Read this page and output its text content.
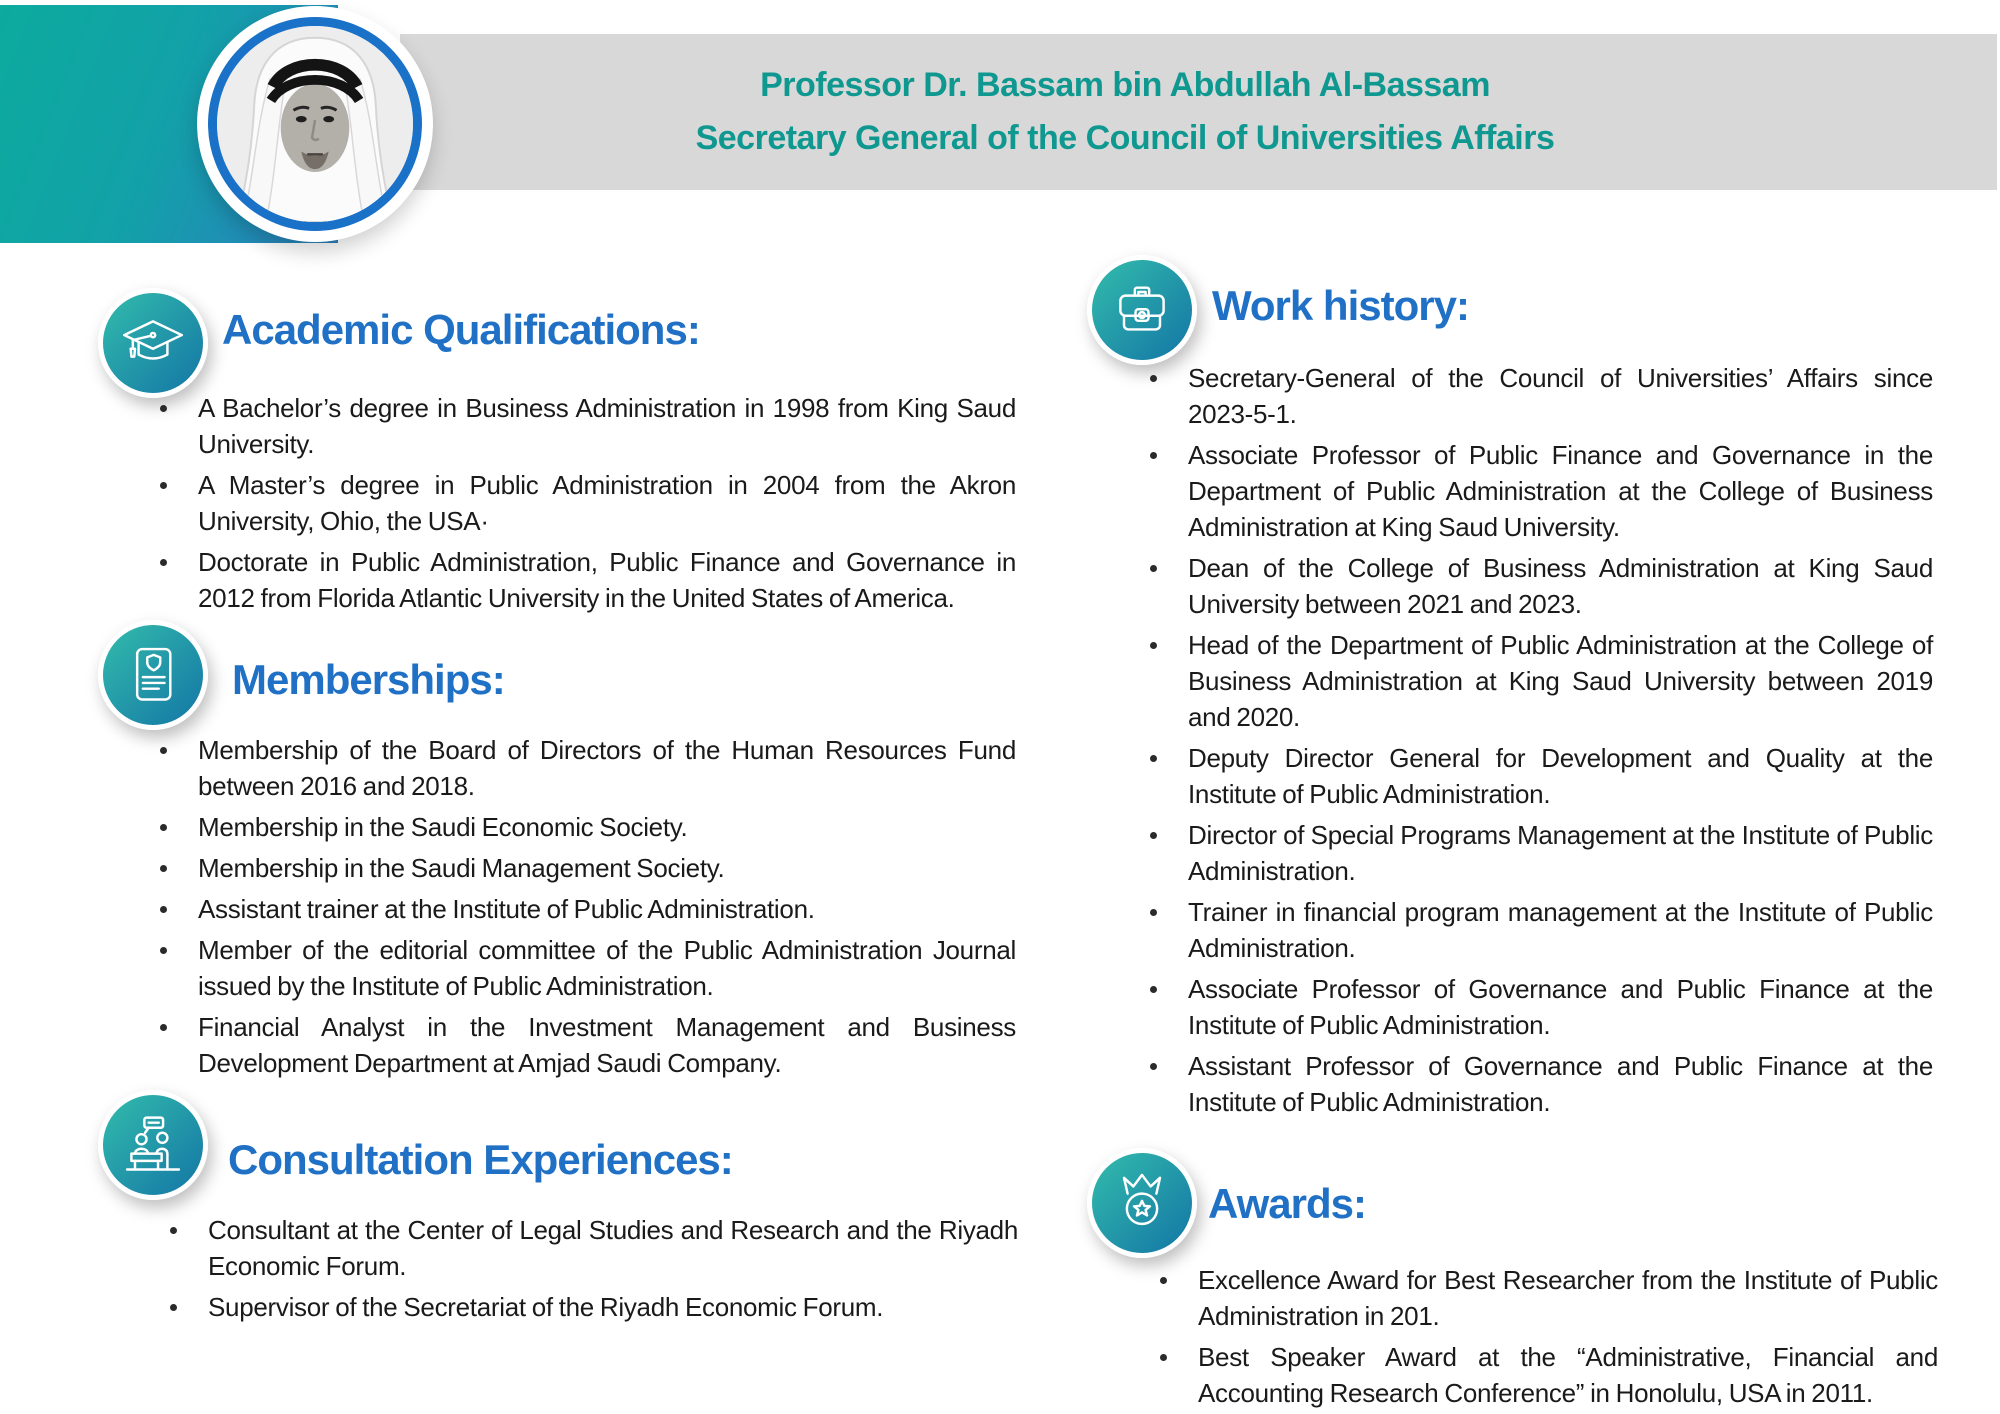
Professor Dr. Bassam bin Abdullah Al-Bassam
Secretary General of the Council of Universities Affairs
Academic Qualifications:
A Bachelor’s degree in Business Administration in 1998 from King Saud University.
A Master’s degree in Public Administration in 2004 from the Akron University, Ohio, the USA·
Doctorate in Public Administration, Public Finance and Governance in 2012 from Florida Atlantic University in the United States of America.
Memberships:
Membership of the Board of Directors of the Human Resources Fund between 2016 and 2018.
Membership in the Saudi Economic Society.
Membership in the Saudi Management Society.
Assistant trainer at the Institute of Public Administration.
Member of the editorial committee of the Public Administration Journal issued by the Institute of Public Administration.
Financial Analyst in the Investment Management and Business Development Department at Amjad Saudi Company.
Consultation Experiences:
Consultant at the Center of Legal Studies and Research and the Riyadh Economic Forum.
Supervisor of the Secretariat of the Riyadh Economic Forum.
Work history:
Secretary-General of the Council of Universities’ Affairs since 2023-5-1.
Associate Professor of Public Finance and Governance in the Department of Public Administration at the College of Business Administration at King Saud University.
Dean of the College of Business Administration at King Saud University between 2021 and 2023.
Head of the Department of Public Administration at the College of Business Administration at King Saud University between 2019 and 2020.
Deputy Director General for Development and Quality at the Institute of Public Administration.
Director of Special Programs Management at the Institute of Public Administration.
Trainer in financial program management at the Institute of Public Administration.
Associate Professor of Governance and Public Finance at the Institute of Public Administration.
Assistant Professor of Governance and Public Finance at the Institute of Public Administration.
Awards:
Excellence Award for Best Researcher from the Institute of Public Administration in 201.
Best Speaker Award at the “Administrative, Financial and Accounting Research Conference” in Honolulu, USA in 2011.
